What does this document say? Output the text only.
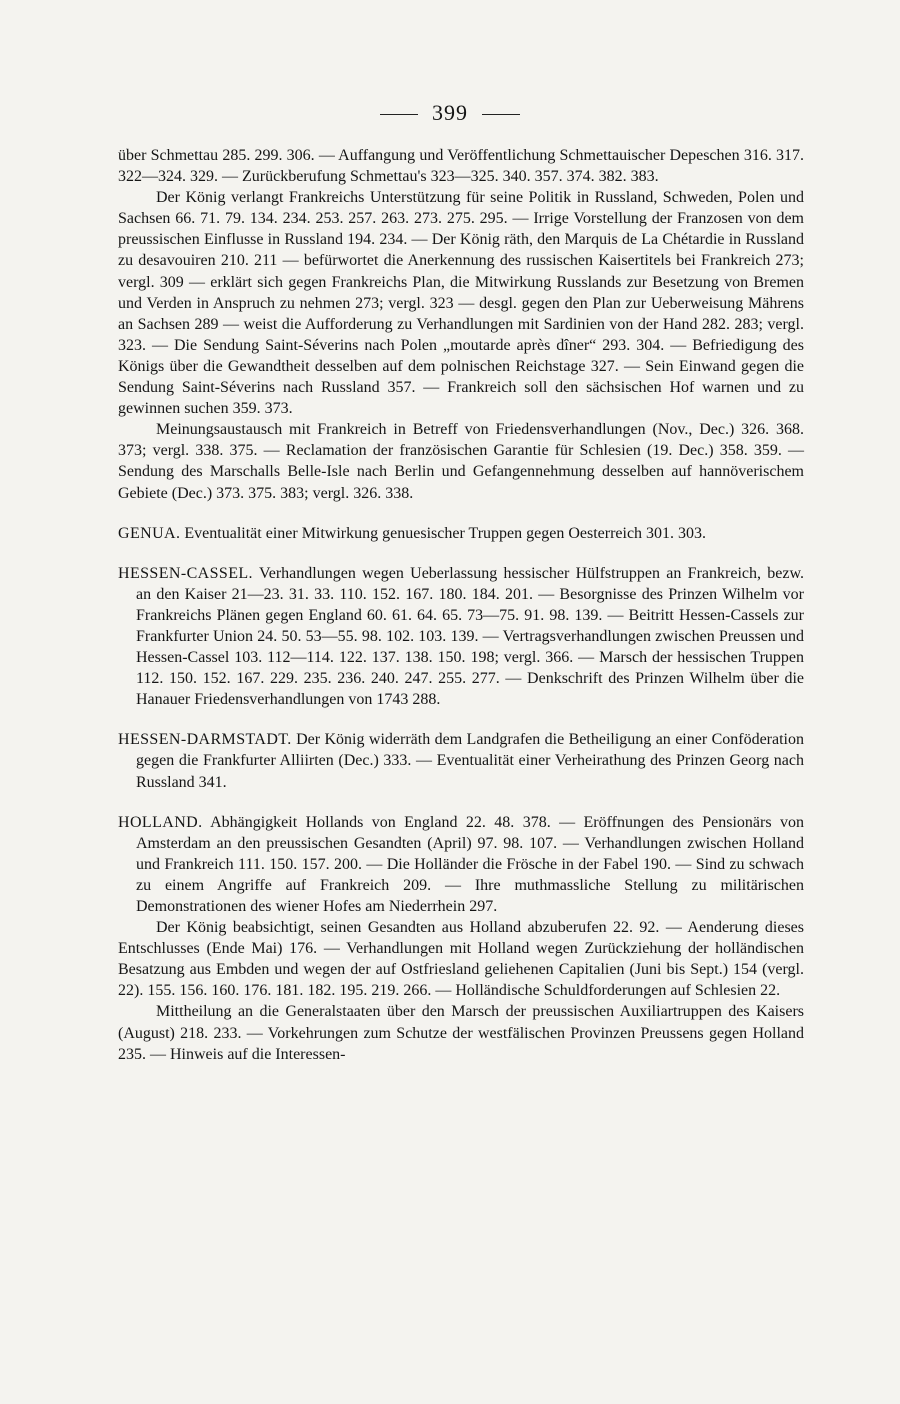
399

über Schmettau 285. 299. 306. — Auffangung und Veröffentlichung Schmettauischer Depeschen 316. 317. 322—324. 329. — Zurückberufung Schmettau's 323—325. 340. 357. 374. 382. 383.

Der König verlangt Frankreichs Unterstützung für seine Politik in Russland, Schweden, Polen und Sachsen 66. 71. 79. 134. 234. 253. 257. 263. 273. 275. 295. — Irrige Vorstellung der Franzosen von dem preussischen Einflusse in Russland 194. 234. — Der König räth, den Marquis de La Chétardie in Russland zu desavouiren 210. 211 — befürwortet die Anerkennung des russischen Kaisertitels bei Frankreich 273; vergl. 309 — erklärt sich gegen Frankreichs Plan, die Mitwirkung Russlands zur Besetzung von Bremen und Verden in Anspruch zu nehmen 273; vergl. 323 — desgl. gegen den Plan zur Ueberweisung Mährens an Sachsen 289 — weist die Aufforderung zu Verhandlungen mit Sardinien von der Hand 282. 283; vergl. 323. — Die Sendung Saint-Séverins nach Polen „moutarde après dîner“ 293. 304. — Befriedigung des Königs über die Gewandtheit desselben auf dem polnischen Reichstage 327. — Sein Einwand gegen die Sendung Saint-Séverins nach Russland 357. — Frankreich soll den sächsischen Hof warnen und zu gewinnen suchen 359. 373.

Meinungsaustausch mit Frankreich in Betreff von Friedensverhandlungen (Nov., Dec.) 326. 368. 373; vergl. 338. 375. — Reclamation der französischen Garantie für Schlesien (19. Dec.) 358. 359. — Sendung des Marschalls Belle-Isle nach Berlin und Gefangennehmung desselben auf hannöverischem Gebiete (Dec.) 373. 375. 383; vergl. 326. 338.

GENUA. Eventualität einer Mitwirkung genuesischer Truppen gegen Oesterreich 301. 303.

HESSEN-CASSEL. Verhandlungen wegen Ueberlassung hessischer Hülfstruppen an Frankreich, bezw. an den Kaiser 21—23. 31. 33. 110. 152. 167. 180. 184. 201. — Besorgnisse des Prinzen Wilhelm vor Frankreichs Plänen gegen England 60. 61. 64. 65. 73—75. 91. 98. 139. — Beitritt Hessen-Cassels zur Frankfurter Union 24. 50. 53—55. 98. 102. 103. 139. — Vertragsverhandlungen zwischen Preussen und Hessen-Cassel 103. 112—114. 122. 137. 138. 150. 198; vergl. 366. — Marsch der hessischen Truppen 112. 150. 152. 167. 229. 235. 236. 240. 247. 255. 277. — Denkschrift des Prinzen Wilhelm über die Hanauer Friedensverhandlungen von 1743 288.

HESSEN-DARMSTADT. Der König widerräth dem Landgrafen die Betheiligung an einer Conföderation gegen die Frankfurter Alliirten (Dec.) 333. — Eventualität einer Verheirathung des Prinzen Georg nach Russland 341.

HOLLAND. Abhängigkeit Hollands von England 22. 48. 378. — Eröffnungen des Pensionärs von Amsterdam an den preussischen Gesandten (April) 97. 98. 107. — Verhandlungen zwischen Holland und Frankreich 111. 150. 157. 200. — Die Holländer die Frösche in der Fabel 190. — Sind zu schwach zu einem Angriffe auf Frankreich 209. — Ihre muthmassliche Stellung zu militärischen Demonstrationen des wiener Hofes am Niederrhein 297.

Der König beabsichtigt, seinen Gesandten aus Holland abzuberufen 22. 92. — Aenderung dieses Entschlusses (Ende Mai) 176. — Verhandlungen mit Holland wegen Zurückziehung der holländischen Besatzung aus Embden und wegen der auf Ostfriesland geliehenen Capitalien (Juni bis Sept.) 154 (vergl. 22). 155. 156. 160. 176. 181. 182. 195. 219. 266. — Holländische Schuldforderungen auf Schlesien 22.

Mittheilung an die Generalstaaten über den Marsch der preussischen Auxiliartruppen des Kaisers (August) 218. 233. — Vorkehrungen zum Schutze der westfälischen Provinzen Preussens gegen Holland 235. — Hinweis auf die Interessen-
